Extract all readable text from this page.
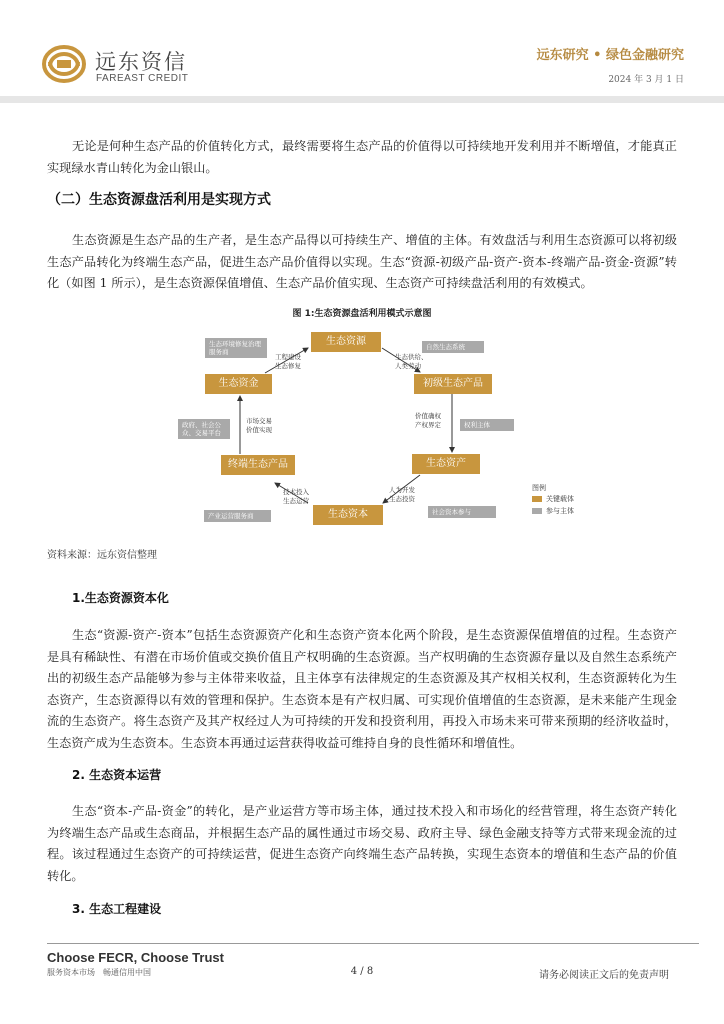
远东资信
FAREAST CREDIT
远东研究 • 绿色金融研究
2024 年 3 月 1 日
无论是何种生态产品的价值转化方式，最终需要将生态产品的价值得以可持续地开发利用并不断增值，才能真正实现绿水青山转化为金山银山。
（二）生态资源盘活利用是实现方式
生态资源是生态产品的生产者，是生态产品得以可持续生产、增值的主体。有效盘活与利用生态资源可以将初级生态产品转化为终端生态产品，促进生态产品价值得以实现。生态“资源-初级产品-资产-资本-终端产品-资金-资源”转化（如图 1 所示），是生态资源保值增值、生态产品价值实现、生态资产可持续盘活利用的有效模式。
图 1:生态资源盘活利用模式示意图
生态资源
初级生态产品
生态资产
生态资本
终端生态产品
生态资金
生态环境修复治理服务商
自然生态系统
政府、社会公众、交易平台
权利主体
社会资本参与
产业运营服务商
工程建设
生态修复
生态供给、
人类劳动
价值确权
产权界定
人为开发
生态投资
技术投入
生态运营
市场交易
价值实现
图例
关键载体
参与主体
资料来源：远东资信整理
1.生态资源资本化
生态“资源-资产-资本”包括生态资源资产化和生态资产资本化两个阶段，是生态资源保值增值的过程。生态资产是具有稀缺性、有潜在市场价值或交换价值且产权明确的生态资源。当产权明确的生态资源存量以及自然生态系统产出的初级生态产品能够为参与主体带来收益，且主体享有法律规定的生态资源及其产权相关权利，生态资源转化为生态资产，生态资源得以有效的管理和保护。生态资本是有产权归属、可实现价值增值的生态资源，是未来能产生现金流的生态资产。将生态资产及其产权经过人为可持续的开发和投资利用，再投入市场未来可带来预期的经济收益时，生态资产成为生态资本。生态资本再通过运营获得收益可维持自身的良性循环和增值性。
2. 生态资本运营
生态“资本-产品-资金”的转化，是产业运营方等市场主体，通过技术投入和市场化的经营管理，将生态资产转化为终端生态产品或生态商品，并根据生态产品的属性通过市场交易、政府主导、绿色金融支持等方式带来现金流的过程。该过程通过生态资产的可持续运营，促进生态资产向终端生态产品转换，实现生态资本的增值和生态产品的价值转化。
3. 生态工程建设
Choose FECR, Choose Trust
服务资本市场　畅通信用中国	4 / 8	请务必阅读正文后的免责声明
